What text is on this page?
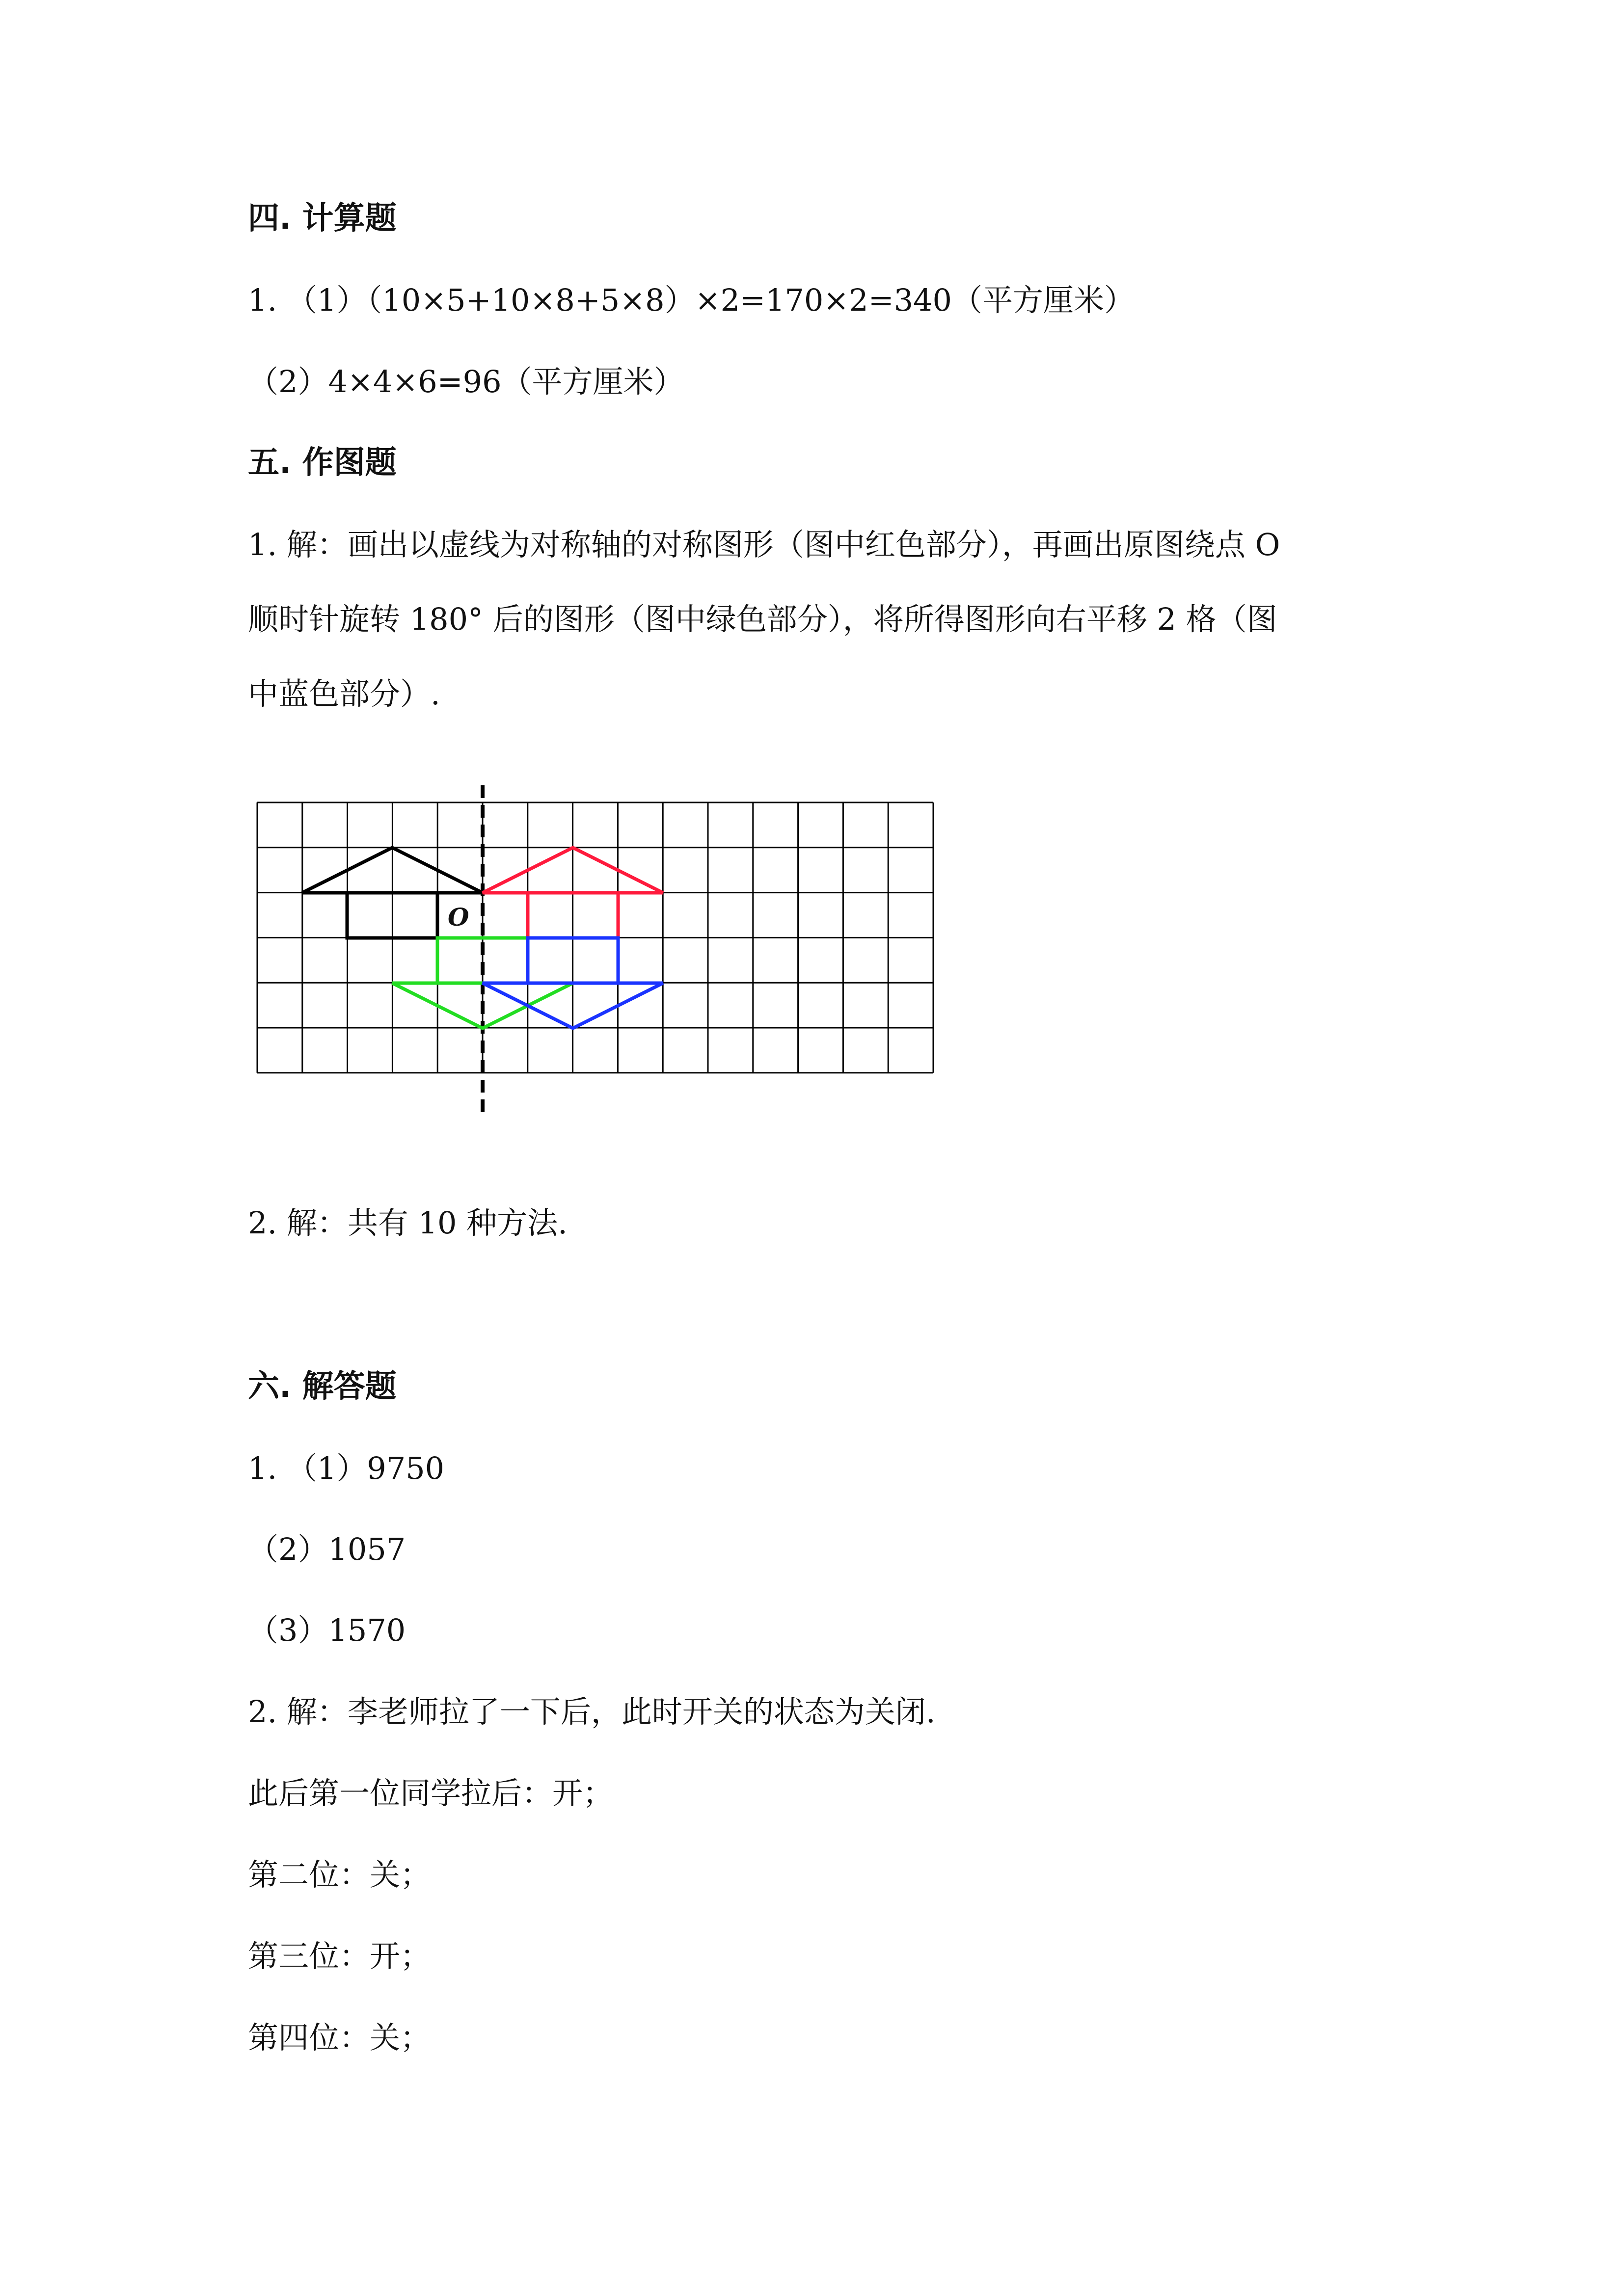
四. 计算题
1. （1）（10×5+10×8+5×8）×2=170×2=340（平方厘米）
（2）4×4×6=96（平方厘米）
五. 作图题
1. 解：画出以虚线为对称轴的对称图形（图中红色部分），再画出原图绕点 O
顺时针旋转 180° 后的图形（图中绿色部分），将所得图形向右平移 2 格（图
中蓝色部分）.
O
2. 解：共有 10 种方法.
六. 解答题
1. （1）9750
（2）1057
（3）1570
2. 解：李老师拉了一下后，此时开关的状态为关闭.
此后第一位同学拉后：开；
第二位：关；
第三位：开；
第四位：关；
